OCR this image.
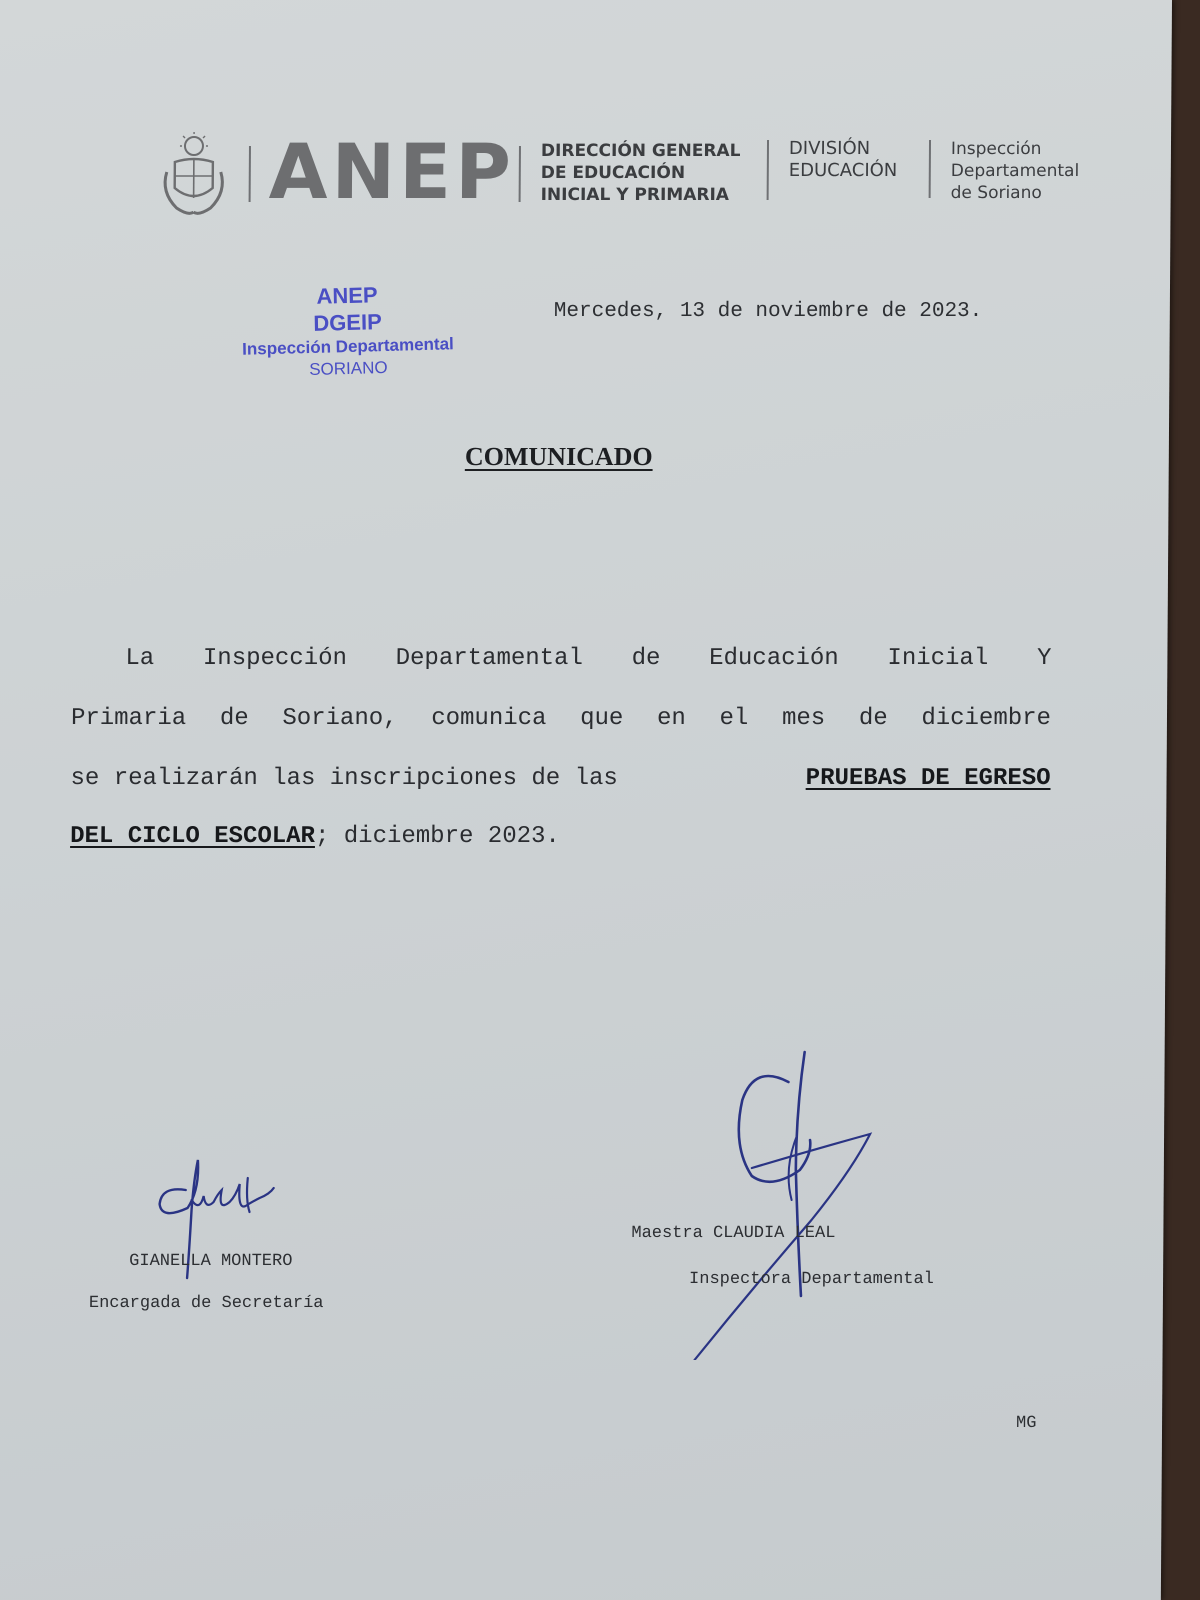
ANEP DIRECCIÓN GENERAL
DE EDUCACIÓN
INICIAL Y PRIMARIA
DIVISIÓN
EDUCACIÓN
Inspección
Departamental
de Soriano
ANEP
DGEIP
Inspección Departamental
SORIANO
Mercedes, 13 de noviembre de 2023.
COMUNICADO
La Inspección Departamental de Educación Inicial Y
Primaria de Soriano, comunica que en el mes de diciembre
se realizarán las inscripciones de las	PRUEBAS DE EGRESO
DEL CICLO ESCOLAR; diciembre 2023.
GIANELLA MONTERO
Encargada de Secretaría
Maestra CLAUDIA LEAL
Inspectora Departamental
MG
